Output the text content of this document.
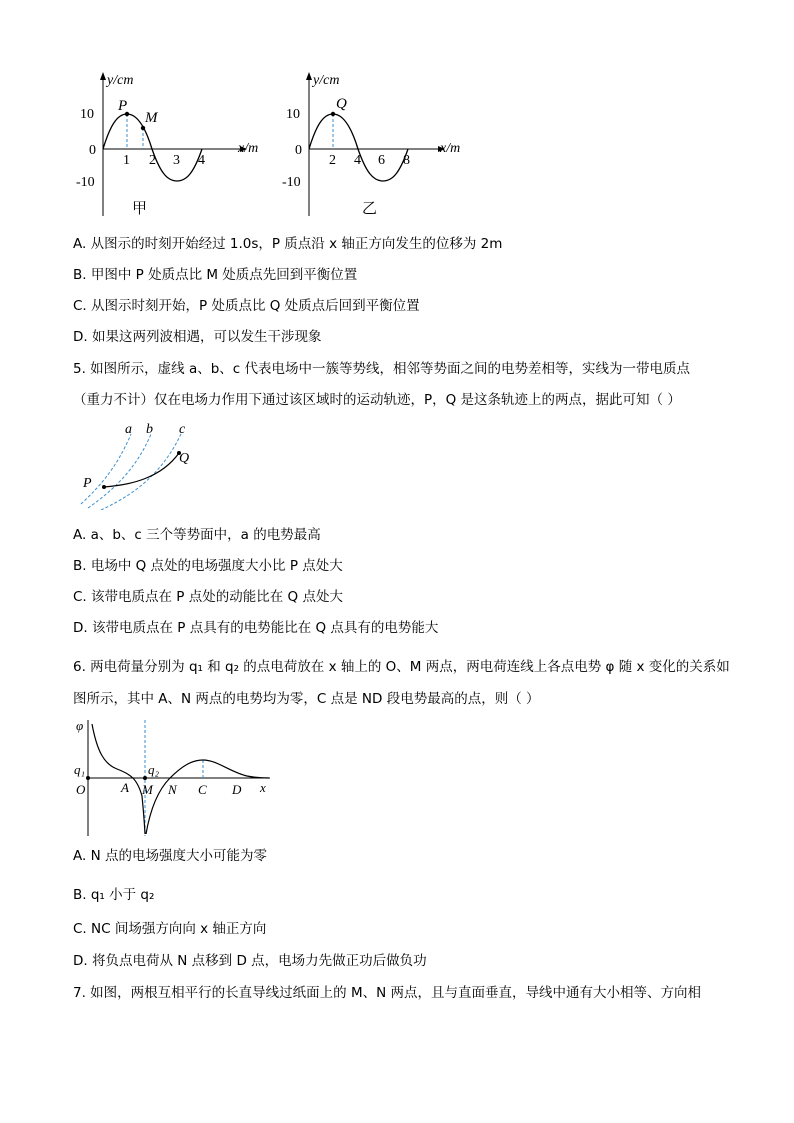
y/cm
x/m
10
0
-10
1 2 3 4
P
M
甲
y/cm
x/m
10
0
-10
2 4 6 8
Q
乙
A. 从图示的时刻开始经过 1.0s，P 质点沿 x 轴正方向发生的位移为 2m
B. 甲图中 P 处质点比 M 处质点先回到平衡位置
C. 从图示时刻开始，P 处质点比 Q 处质点后回到平衡位置
D. 如果这两列波相遇，可以发生干涉现象
5. 如图所示，虚线 a、b、c 代表电场中一簇等势线，相邻等势面之间的电势差相等，实线为一带电质点
（重力不计）仅在电场力作用下通过该区域时的运动轨迹，P，Q 是这条轨迹上的两点，据此可知（ ）
a b c
P
Q
A. a、b、c 三个等势面中，a 的电势最高
B. 电场中 Q 点处的电场强度大小比 P 点处大
C. 该带电质点在 P 点处的动能比在 Q 点处大
D. 该带电质点在 P 点具有的电势能比在 Q 点具有的电势能大
6. 两电荷量分别为 q₁ 和 q₂ 的点电荷放在 x 轴上的 O、M 两点，两电荷连线上各点电势 φ 随 x 变化的关系如
图所示，其中 A、N 两点的电势均为零，C 点是 ND 段电势最高的点，则（ ）
φ
q₁	q₂
O	A M N C D x
A. N 点的电场强度大小可能为零
B. q₁ 小于 q₂
C. NC 间场强方向向 x 轴正方向
D. 将负点电荷从 N 点移到 D 点，电场力先做正功后做负功
7. 如图，两根互相平行的长直导线过纸面上的 M、N 两点，且与直面垂直，导线中通有大小相等、方向相
